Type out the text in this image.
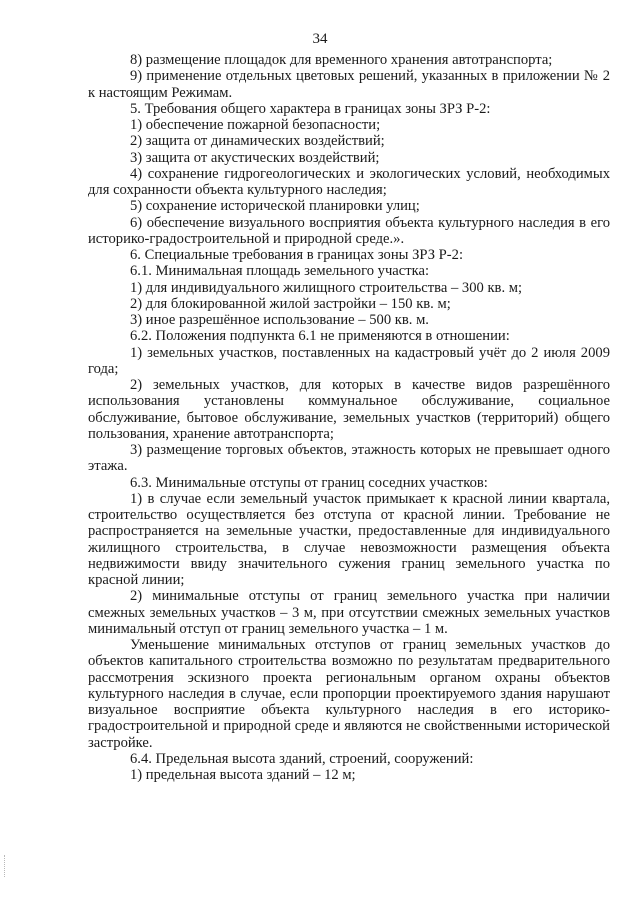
34

8) размещение площадок для временного хранения автотранспорта;

9) применение отдельных цветовых решений, указанных в приложении № 2 к настоящим Режимам.

5. Требования общего характера в границах зоны ЗРЗ Р-2:

1) обеспечение пожарной безопасности;

2) защита от динамических воздействий;

3) защита от акустических воздействий;

4) сохранение гидрогеологических и экологических условий, необходимых для сохранности объекта культурного наследия;

5) сохранение исторической планировки улиц;

6) обеспечение визуального восприятия объекта культурного наследия в его историко-градостроительной и природной среде.».

6. Специальные требования в границах зоны ЗРЗ Р-2:

6.1. Минимальная площадь земельного участка:

1) для индивидуального жилищного строительства – 300 кв. м;

2) для блокированной жилой застройки – 150 кв. м;

3) иное разрешённое использование – 500 кв. м.

6.2. Положения подпункта 6.1 не применяются в отношении:

1) земельных участков, поставленных на кадастровый учёт до 2 июля 2009 года;

2) земельных участков, для которых в качестве видов разрешённого использования установлены коммунальное обслуживание, социальное обслуживание, бытовое обслуживание, земельных участков (территорий) общего пользования, хранение автотранспорта;

3) размещение торговых объектов, этажность которых не превышает одного этажа.

6.3. Минимальные отступы от границ соседних участков:

1) в случае если земельный участок примыкает к красной линии квартала, строительство осуществляется без отступа от красной линии. Требование не распространяется на земельные участки, предоставленные для индивидуального жилищного строительства, в случае невозможности размещения объекта недвижимости ввиду значительного сужения границ земельного участка по красной линии;

2) минимальные отступы от границ земельного участка при наличии смежных земельных участков – 3 м, при отсутствии смежных земельных участков минимальный отступ от границ земельного участка – 1 м.

Уменьшение минимальных отступов от границ земельных участков до объектов капитального строительства возможно по результатам предварительного рассмотрения эскизного проекта региональным органом охраны объектов культурного наследия в случае, если пропорции проектируемого здания нарушают визуальное восприятие объекта культурного наследия в его историко-градостроительной и природной среде и являются не свойственными исторической застройке.

6.4. Предельная высота зданий, строений, сооружений:

1) предельная высота зданий – 12 м;
